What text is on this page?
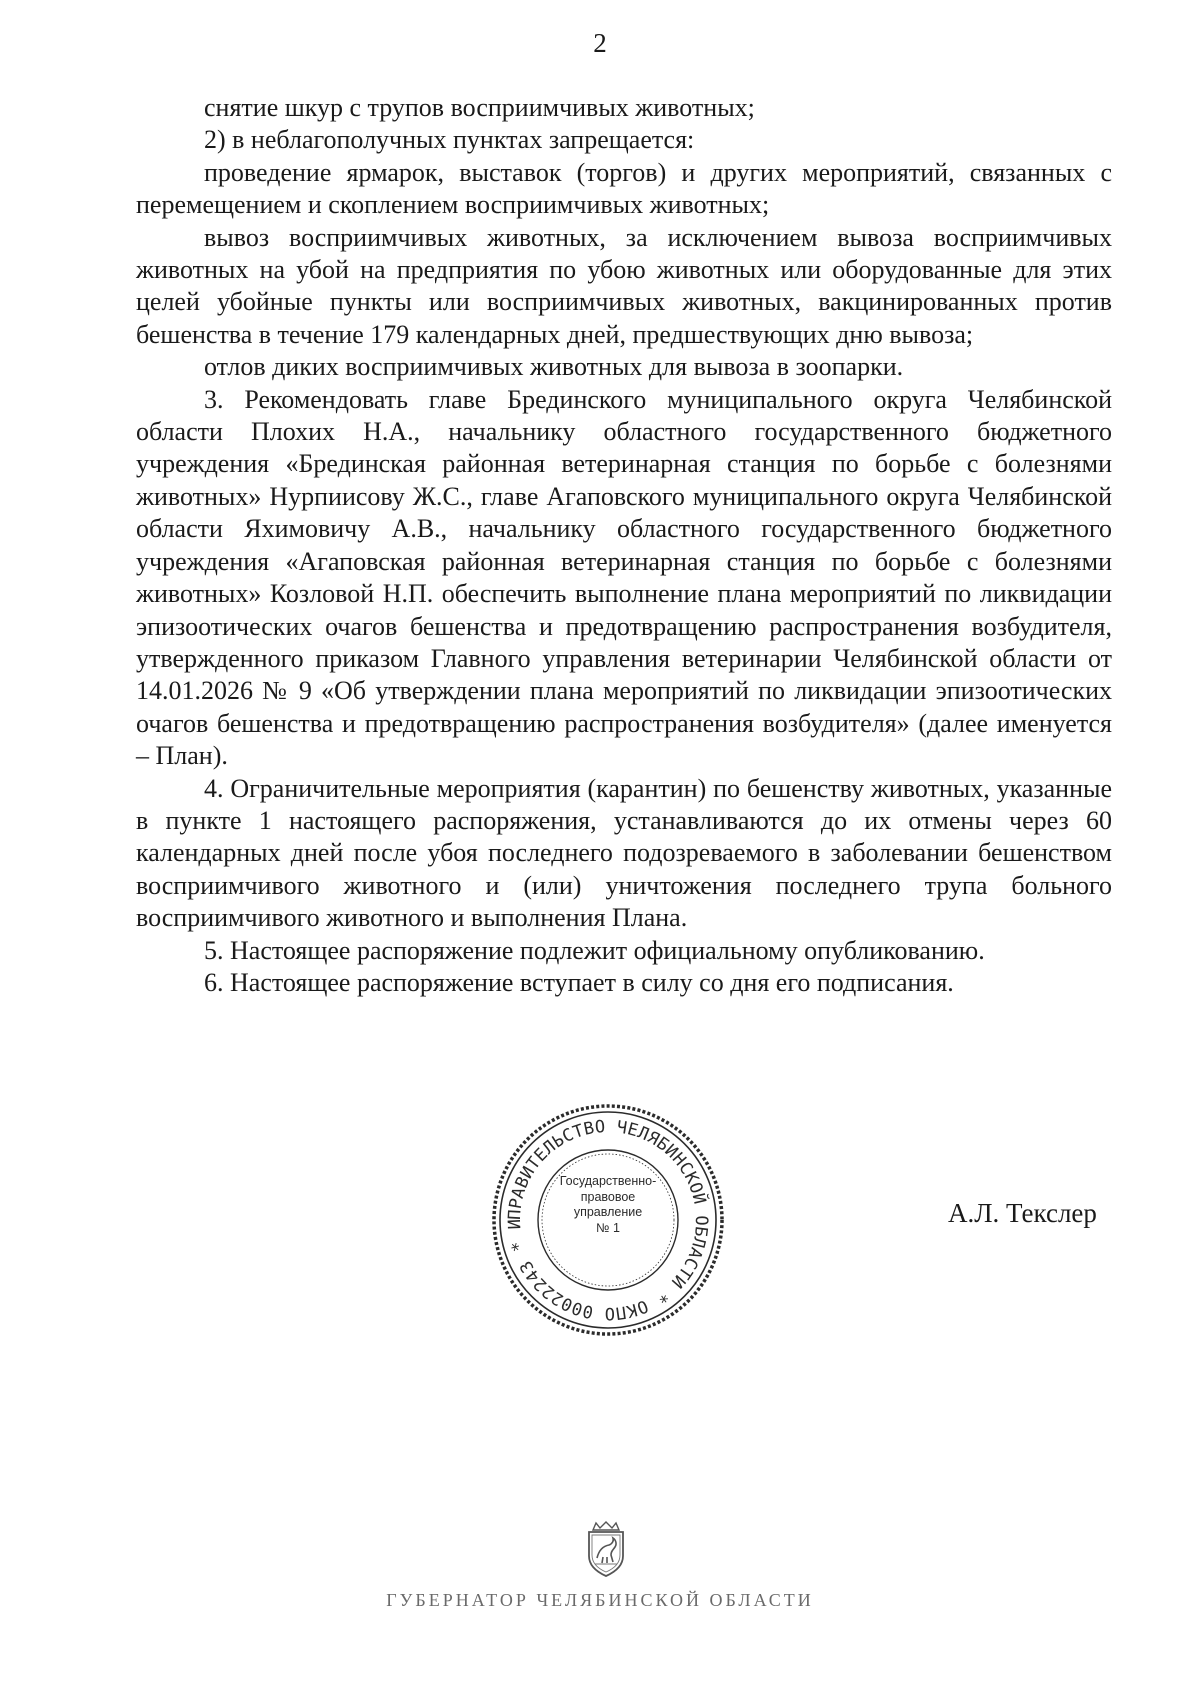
2

снятие шкур с трупов восприимчивых животных;

2) в неблагополучных пунктах запрещается:

проведение ярмарок, выставок (торгов) и других мероприятий, связанных с перемещением и скоплением восприимчивых животных;

вывоз восприимчивых животных, за исключением вывоза восприимчивых животных на убой на предприятия по убою животных или оборудованные для этих целей убойные пункты или восприимчивых животных, вакцинированных против бешенства в течение 179 календарных дней, предшествующих дню вывоза;

отлов диких восприимчивых животных для вывоза в зоопарки.

3. Рекомендовать главе Брединского муниципального округа Челябинской области Плохих Н.А., начальнику областного государственного бюджетного учреждения «Брединская районная ветеринарная станция по борьбе с болезнями животных» Нурпиисову Ж.С., главе Агаповского муниципального округа Челябинской области Яхимовичу А.В., начальнику областного государственного бюджетного учреждения «Агаповская районная ветеринарная станция по борьбе с болезнями животных» Козловой Н.П. обеспечить выполнение плана мероприятий по ликвидации эпизоотических очагов бешенства и предотвращению распространения возбудителя, утвержденного приказом Главного управления ветеринарии Челябинской области от 14.01.2026 № 9 «Об утверждении плана мероприятий по ликвидации эпизоотических очагов бешенства и предотвращению распространения возбудителя» (далее именуется – План).

4. Ограничительные мероприятия (карантин) по бешенству животных, указанные в пункте 1 настоящего распоряжения, устанавливаются до их отмены через 60 календарных дней после убоя последнего подозреваемого в заболевании бешенством восприимчивого животного и (или) уничтожения последнего трупа больного восприимчивого животного и выполнения Плана.

5. Настоящее распоряжение подлежит официальному опубликованию.

6. Настоящее распоряжение вступает в силу со дня его подписания.

ПРАВИТЕЛЬСТВО ЧЕЛЯБИНСКОЙ ОБЛАСТИ * ОКПО 00022243 * И
Государственно-
правовое
управление
№ 1	А.Л. Текслер
ГУБЕРНАТОР ЧЕЛЯБИНСКОЙ ОБЛАСТИ
